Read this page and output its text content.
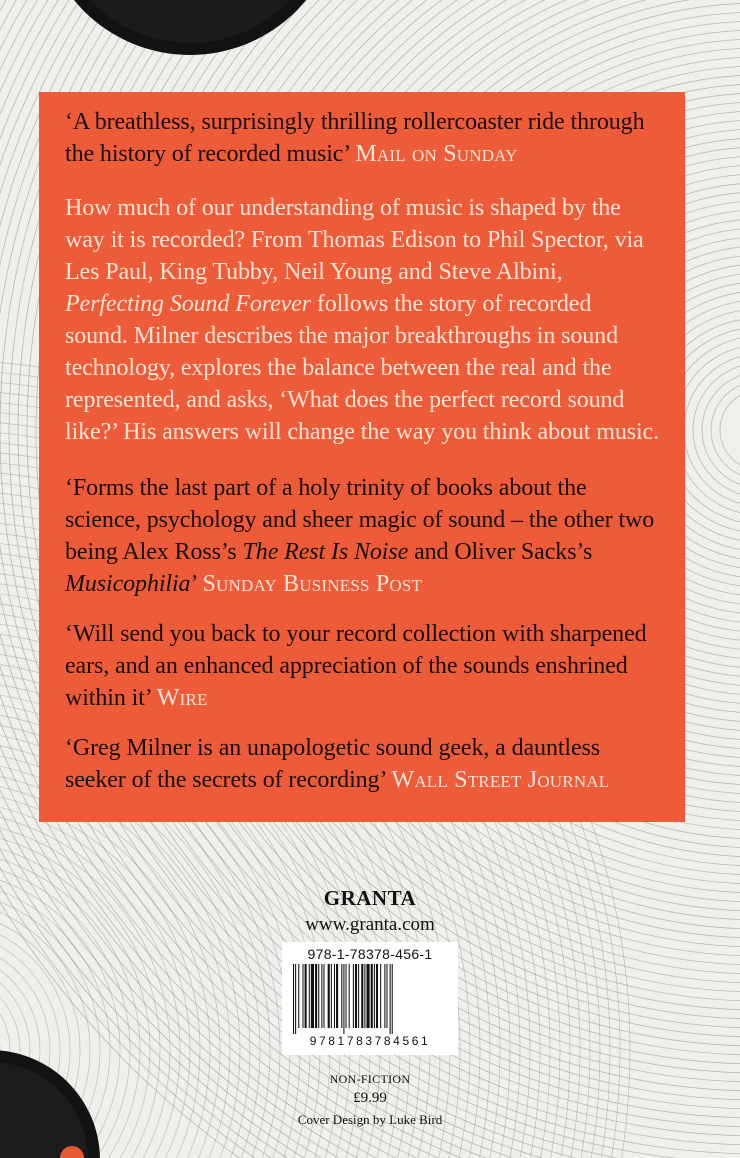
‘A breathless, surprisingly thrilling rollercoaster ride through the history of recorded music’ Mail on Sunday

How much of our understanding of music is shaped by the way it is recorded? From Thomas Edison to Phil Spector, via Les Paul, King Tubby, Neil Young and Steve Albini, Perfecting Sound Forever follows the story of recorded sound. Milner describes the major breakthroughs in sound technology, explores the balance between the real and the represented, and asks, ‘What does the perfect record sound like?’ His answers will change the way you think about music.

‘Forms the last part of a holy trinity of books about the science, psychology and sheer magic of sound – the other two being Alex Ross’s The Rest Is Noise and Oliver Sacks’s Musicophilia’ Sunday Business Post

‘Will send you back to your record collection with sharpened ears, and an enhanced appreciation of the sounds enshrined within it’ Wire

‘Greg Milner is an unapologetic sound geek, a dauntless seeker of the secrets of recording’ Wall Street Journal

GRANTA
www.granta.com
978-1-78378-456-1
9781783784561
NON-FICTION
£9.99
Cover Design by Luke Bird
